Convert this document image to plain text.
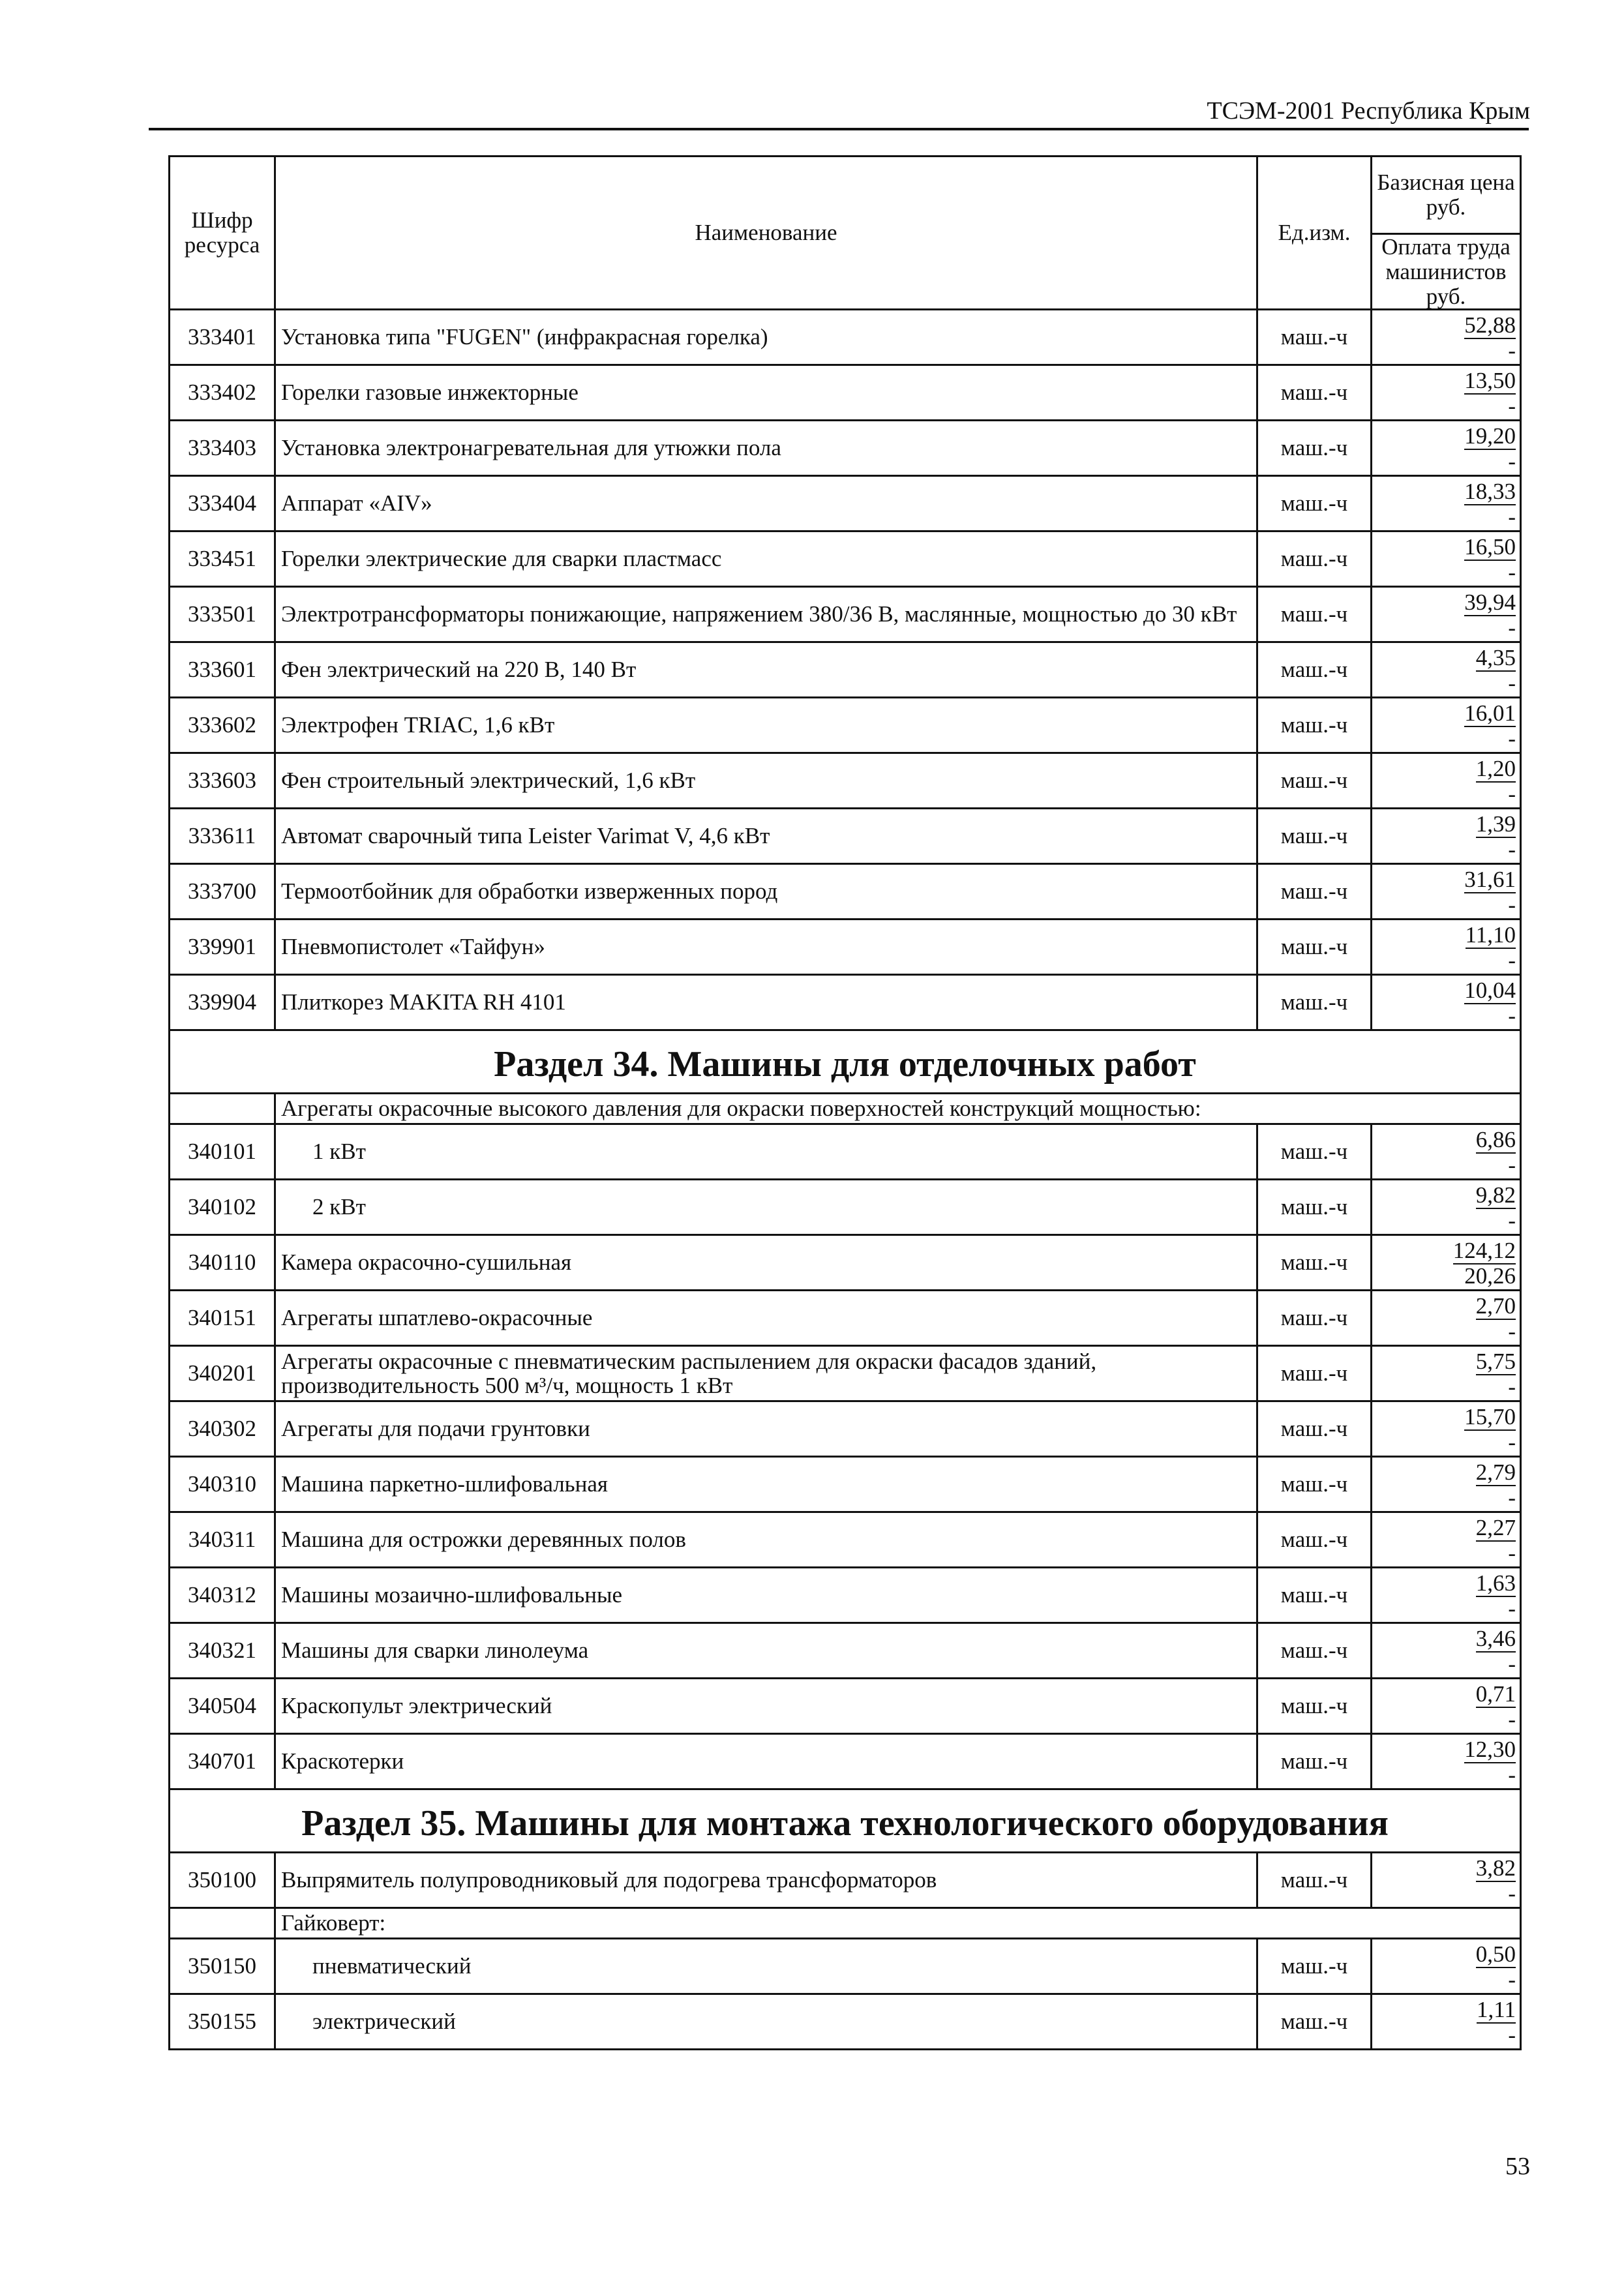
ТСЭМ-2001 Республика Крым
Шифр ресурса	Наименование	Ед.изм.	Базисная цена руб.
			Оплата труда машинистов руб.
333401	Установка типа "FUGEN" (инфракрасная горелка)	маш.-ч	52,88
-

333402	Горелки газовые инжекторные	маш.-ч	13,50
-

333403	Установка электронагревательная для утюжки пола	маш.-ч	19,20
-

333404	Аппарат «AIV»	маш.-ч	18,33
-

333451	Горелки электрические для сварки пластмасс	маш.-ч	16,50
-

333501	Электротрансформаторы понижающие, напряжением 380/36 В, маслянные, мощностью до 30 кВт	маш.-ч	39,94
-

333601	Фен электрический на 220 В, 140 Вт	маш.-ч	4,35
-

333602	Электрофен TRIAC, 1,6 кВт	маш.-ч	16,01
-

333603	Фен строительный электрический, 1,6 кВт	маш.-ч	1,20
-

333611	Автомат сварочный типа Leister Varimat V, 4,6 кВт	маш.-ч	1,39
-

333700	Термоотбойник для обработки изверженных пород	маш.-ч	31,61
-

339901	Пневмопистолет «Тайфун»	маш.-ч	11,10
-

339904	Плиткорез MAKITA RH 4101	маш.-ч	10,04
-

Раздел 34. Машины для отделочных работ			
	Агрегаты окрасочные высокого давления для окраски поверхностей конструкций мощностью:		
340101	1 кВт	маш.-ч	6,86
-

340102	2 кВт	маш.-ч	9,82
-

340110	Камера окрасочно-сушильная	маш.-ч	124,12
20,26

340151	Агрегаты шпатлево-окрасочные	маш.-ч	2,70
-

340201	Агрегаты окрасочные с пневматическим распылением для окраски фасадов зданий, производительность 500 м³/ч, мощность 1 кВт	маш.-ч	5,75
-

340302	Агрегаты для подачи грунтовки	маш.-ч	15,70
-

340310	Машина паркетно-шлифовальная	маш.-ч	2,79
-

340311	Машина для острожки деревянных полов	маш.-ч	2,27
-

340312	Машины мозаично-шлифовальные	маш.-ч	1,63
-

340321	Машины для сварки линолеума	маш.-ч	3,46
-

340504	Краскопульт электрический	маш.-ч	0,71
-

340701	Краскотерки	маш.-ч	12,30
-

Раздел 35. Машины для монтажа технологического оборудования			
350100	Выпрямитель полупроводниковый для подогрева трансформаторов	маш.-ч	3,82
-

	Гайковерт:		
350150	пневматический	маш.-ч	0,50
-

350155	электрический	маш.-ч	1,11
-
53
